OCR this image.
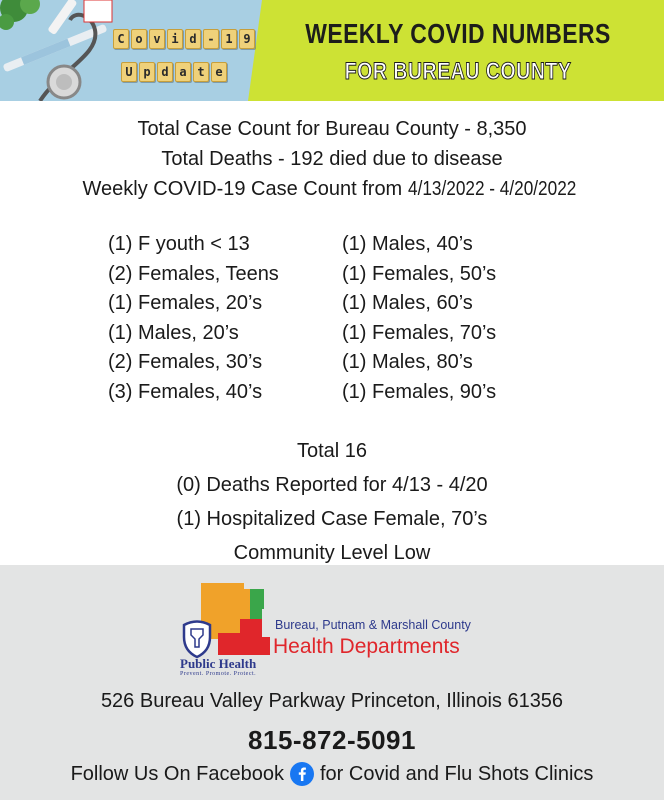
C o v i d - 1 9
U p d a t e
WEEKLY COVID NUMBERS
FOR BUREAU COUNTY
Total Case Count for Bureau County - 8,350
Total Deaths - 192 died due to disease
Weekly COVID-19 Case Count from 4/13/2022 - 4/20/2022
(1) F youth < 13
(2) Females, Teens
(1) Females, 20’s
(1) Males, 20’s
(2) Females, 30’s
(3) Females, 40’s
(1) Males, 40’s
(1) Females, 50’s
(1) Males, 60’s
(1) Females, 70’s
(1) Males, 80’s
(1) Females, 90’s
Total 16
(0) Deaths Reported for 4/13 - 4/20
(1) Hospitalized Case Female, 70’s
Community Level Low
Bureau, Putnam & Marshall County
Health Departments
Public Health
Prevent. Promote. Protect.
526 Bureau Valley Parkway Princeton, Illinois 61356
815-872-5091
Follow Us On Facebook for Covid and Flu Shots Clinics
